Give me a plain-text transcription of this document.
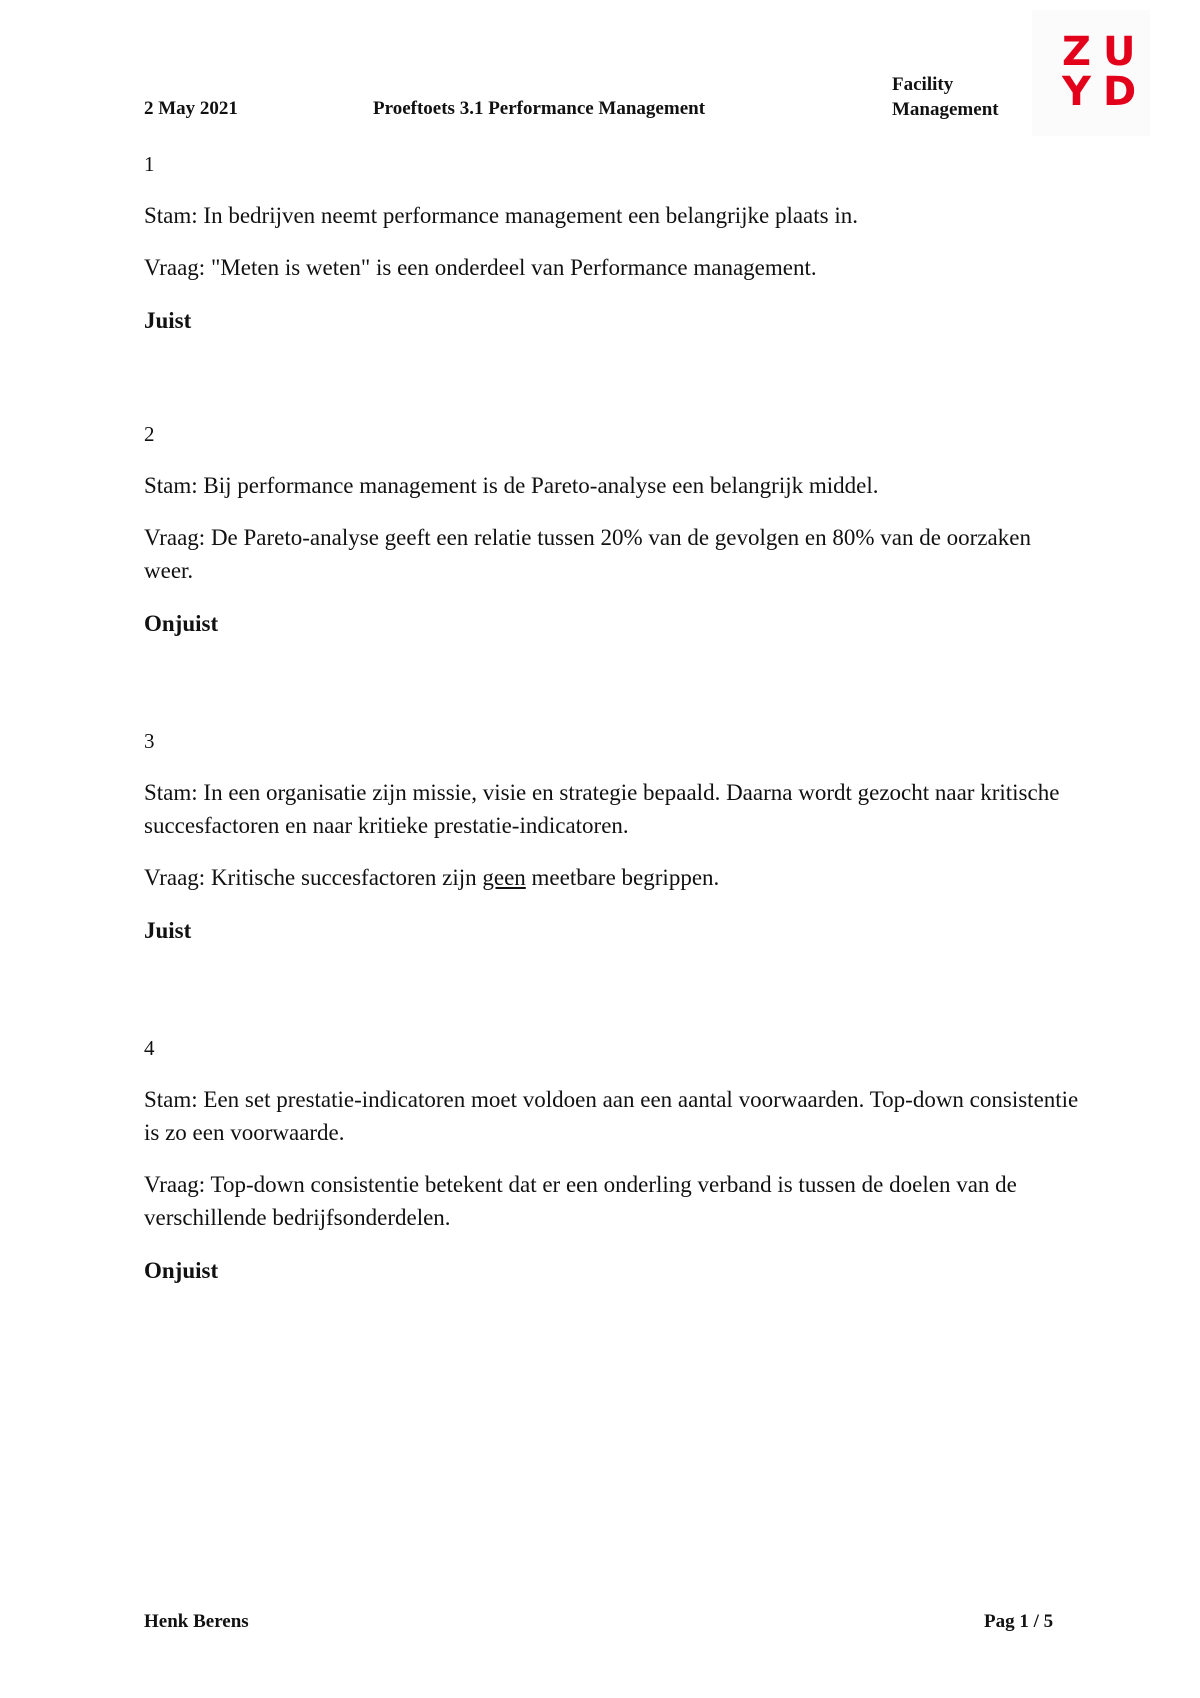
2 May 2021	Proeftoets 3.1 Performance Management
Facility
Management
ZU
YD

1

Stam: In bedrijven neemt performance management een belangrijke plaats in.

Vraag: "Meten is weten" is een onderdeel van Performance management.

Juist

2

Stam: Bij performance management is de Pareto-analyse een belangrijk middel.

Vraag: De Pareto-analyse geeft een relatie tussen 20% van de gevolgen en 80% van de oorzaken weer.

Onjuist

3

Stam: In een organisatie zijn missie, visie en strategie bepaald. Daarna wordt gezocht naar kritische succesfactoren en naar kritieke prestatie-indicatoren.

Vraag: Kritische succesfactoren zijn geen meetbare begrippen.

Juist

4

Stam: Een set prestatie-indicatoren moet voldoen aan een aantal voorwaarden. Top-down consistentie is zo een voorwaarde.

Vraag: Top-down consistentie betekent dat er een onderling verband is tussen de doelen van de verschillende bedrijfsonderdelen.

Onjuist

Henk Berens	Pag 1 / 5
